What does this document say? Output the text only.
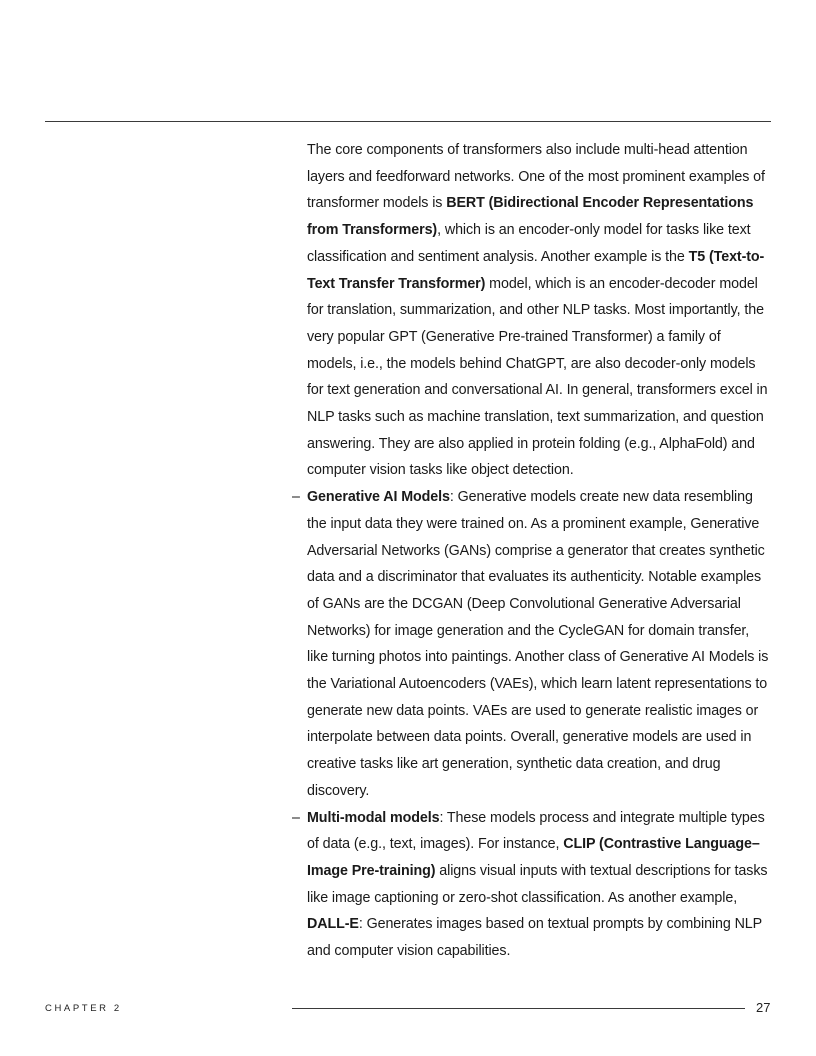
The core components of transformers also include multi-head attention layers and feedforward networks. One of the most prominent examples of transformer models is BERT (Bidirectional Encoder Representations from Transformers), which is an encoder-only model for tasks like text classification and sentiment analysis. Another example is the T5 (Text-to-Text Transfer Transformer) model, which is an encoder-decoder model for translation, summarization, and other NLP tasks. Most importantly, the very popular GPT (Generative Pre-trained Transformer) a family of models, i.e., the models behind ChatGPT, are also decoder-only models for text generation and conversational AI. In general, transformers excel in NLP tasks such as machine translation, text summarization, and question answering. They are also applied in protein folding (e.g., AlphaFold) and computer vision tasks like object detection.

– Generative AI Models: Generative models create new data resembling the input data they were trained on. As a prominent example, Generative Adversarial Networks (GANs) comprise a generator that creates synthetic data and a discriminator that evaluates its authenticity. Notable examples of GANs are the DCGAN (Deep Convolutional Generative Adversarial Networks) for image generation and the CycleGAN for domain transfer, like turning photos into paintings. Another class of Generative AI Models is the Variational Autoencoders (VAEs), which learn latent representations to generate new data points. VAEs are used to generate realistic images or interpolate between data points. Overall, generative models are used in creative tasks like art generation, synthetic data creation, and drug discovery.
– Multi-modal models: These models process and integrate multiple types of data (e.g., text, images). For instance, CLIP (Contrastive Language–Image Pre-training) aligns visual inputs with textual descriptions for tasks like image captioning or zero-shot classification. As another example, DALL-E: Generates images based on textual prompts by combining NLP and computer vision capabilities.
CHAPTER 2	27
